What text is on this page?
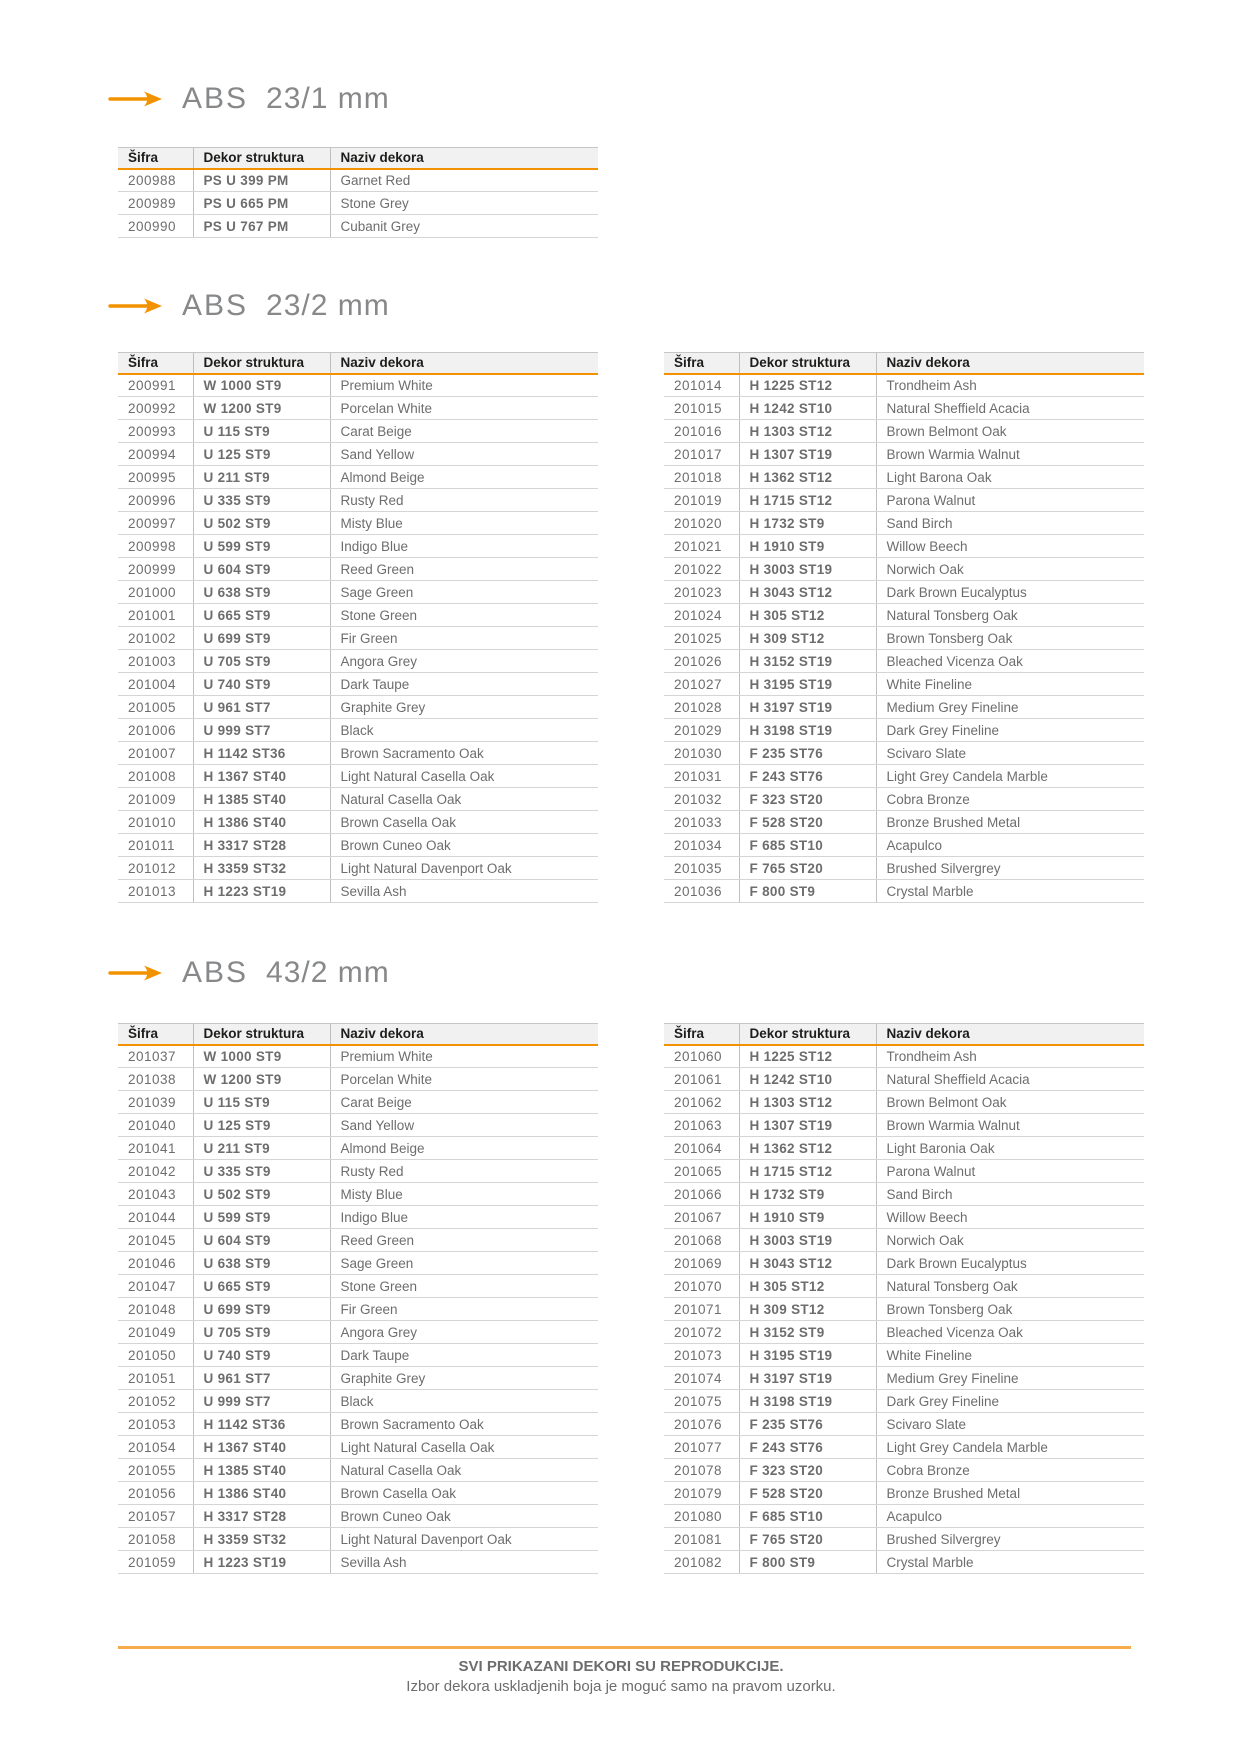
ABS 23/1 mm
Šifra	Dekor struktura	Naziv dekora
200988	PS U 399 PM	Garnet Red
200989	PS U 665 PM	Stone Grey
200990	PS U 767 PM	Cubanit Grey
ABS 23/2 mm
Šifra	Dekor struktura	Naziv dekora
200991	W 1000 ST9	Premium White
200992	W 1200 ST9	Porcelan White
200993	U 115 ST9	Carat Beige
200994	U 125 ST9	Sand Yellow
200995	U 211 ST9	Almond Beige
200996	U 335 ST9	Rusty Red
200997	U 502 ST9	Misty Blue
200998	U 599 ST9	Indigo Blue
200999	U 604 ST9	Reed Green
201000	U 638 ST9	Sage Green
201001	U 665 ST9	Stone Green
201002	U 699 ST9	Fir Green
201003	U 705 ST9	Angora Grey
201004	U 740 ST9	Dark Taupe
201005	U 961 ST7	Graphite Grey
201006	U 999 ST7	Black
201007	H 1142 ST36	Brown Sacramento Oak
201008	H 1367 ST40	Light Natural Casella Oak
201009	H 1385 ST40	Natural Casella Oak
201010	H 1386 ST40	Brown Casella Oak
201011	H 3317 ST28	Brown Cuneo Oak
201012	H 3359 ST32	Light Natural Davenport Oak
201013	H 1223 ST19	Sevilla Ash
Šifra	Dekor struktura	Naziv dekora
201014	H 1225 ST12	Trondheim Ash
201015	H 1242 ST10	Natural Sheffield Acacia
201016	H 1303 ST12	Brown Belmont Oak
201017	H 1307 ST19	Brown Warmia Walnut
201018	H 1362 ST12	Light Barona Oak
201019	H 1715 ST12	Parona Walnut
201020	H 1732 ST9	Sand Birch
201021	H 1910 ST9	Willow Beech
201022	H 3003 ST19	Norwich Oak
201023	H 3043 ST12	Dark Brown Eucalyptus
201024	H 305 ST12	Natural Tonsberg Oak
201025	H 309 ST12	Brown Tonsberg Oak
201026	H 3152 ST19	Bleached Vicenza Oak
201027	H 3195 ST19	White Fineline
201028	H 3197 ST19	Medium Grey Fineline
201029	H 3198 ST19	Dark Grey Fineline
201030	F 235 ST76	Scivaro Slate
201031	F 243 ST76	Light Grey Candela Marble
201032	F 323 ST20	Cobra Bronze
201033	F 528 ST20	Bronze Brushed Metal
201034	F 685 ST10	Acapulco
201035	F 765 ST20	Brushed Silvergrey
201036	F 800 ST9	Crystal Marble
ABS 43/2 mm
Šifra	Dekor struktura	Naziv dekora
201037	W 1000 ST9	Premium White
201038	W 1200 ST9	Porcelan White
201039	U 115 ST9	Carat Beige
201040	U 125 ST9	Sand Yellow
201041	U 211 ST9	Almond Beige
201042	U 335 ST9	Rusty Red
201043	U 502 ST9	Misty Blue
201044	U 599 ST9	Indigo Blue
201045	U 604 ST9	Reed Green
201046	U 638 ST9	Sage Green
201047	U 665 ST9	Stone Green
201048	U 699 ST9	Fir Green
201049	U 705 ST9	Angora Grey
201050	U 740 ST9	Dark Taupe
201051	U 961 ST7	Graphite Grey
201052	U 999 ST7	Black
201053	H 1142 ST36	Brown Sacramento Oak
201054	H 1367 ST40	Light Natural Casella Oak
201055	H 1385 ST40	Natural Casella Oak
201056	H 1386 ST40	Brown Casella Oak
201057	H 3317 ST28	Brown Cuneo Oak
201058	H 3359 ST32	Light Natural Davenport Oak
201059	H 1223 ST19	Sevilla Ash
Šifra	Dekor struktura	Naziv dekora
201060	H 1225 ST12	Trondheim Ash
201061	H 1242 ST10	Natural Sheffield Acacia
201062	H 1303 ST12	Brown Belmont Oak
201063	H 1307 ST19	Brown Warmia Walnut
201064	H 1362 ST12	Light Baronia Oak
201065	H 1715 ST12	Parona Walnut
201066	H 1732 ST9	Sand Birch
201067	H 1910 ST9	Willow Beech
201068	H 3003 ST19	Norwich Oak
201069	H 3043 ST12	Dark Brown Eucalyptus
201070	H 305 ST12	Natural Tonsberg Oak
201071	H 309 ST12	Brown Tonsberg Oak
201072	H 3152 ST9	Bleached Vicenza Oak
201073	H 3195 ST19	White Fineline
201074	H 3197 ST19	Medium Grey Fineline
201075	H 3198 ST19	Dark Grey Fineline
201076	F 235 ST76	Scivaro Slate
201077	F 243 ST76	Light Grey Candela Marble
201078	F 323 ST20	Cobra Bronze
201079	F 528 ST20	Bronze Brushed Metal
201080	F 685 ST10	Acapulco
201081	F 765 ST20	Brushed Silvergrey
201082	F 800 ST9	Crystal Marble
SVI PRIKAZANI DEKORI SU REPRODUKCIJE.
Izbor dekora uskladjenih boja je moguć samo na pravom uzorku.
